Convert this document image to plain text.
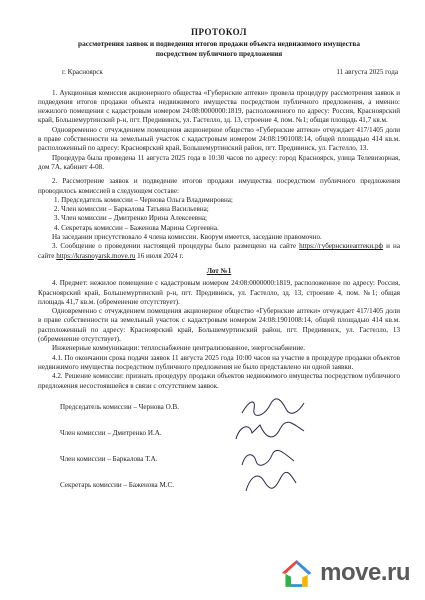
ПРОТОКОЛ
рассмотрения заявок и подведения итогов продажи объекта недвижимого имущества
посредством публичного предложения
г. Красноярск	11 августа 2025 года

1. Аукционная комиссия акционерного общества «Губернские аптеки» провела процедуру рассмотрения заявок и подведения итогов продажи объекта недвижимого имущества посредством публичного предложения, а именно: нежилого помещения с кадастровым номером 24:08:0000000:1819, расположенного по адресу: Россия, Красноярский край, Большемуртинский р-н, пгт. Предивинск, ул. Гастелло, зд. 13, строение 4, пом. №1; общая площадь 41,7 кв.м.

Одновременно с отчуждением помещения акционерное общество «Губернские аптеки» отчуждает 417/1405 доли в праве собственности на земельный участок с кадастровым номером 24:08:1901008:14, общей площадью 414 кв.м. расположенный по адресу: Красноярский край, Большемуртинский район, пгт. Предивинск, ул. Гастелло, 13.

Процедура была проведена 11 августа 2025 года в 10:30 часов по адресу: город Красноярск, улица Телевизорная, дом 7А, кабинет 4-08.

2. Рассмотрение заявок и подведение итогов продажи имущества посредством публичного предложения проводилось комиссией в следующем составе:

1. Председатель комиссии – Чернова Ольга Владимировна;

2. Член комиссии – Баркалова Татьяна Васильевна;

3. Член комиссии – Дмитренко Ирина Алексеевна;

4. Секретарь комиссии – Баженова Марина Сергеевна.

На заседании присутствовало 4 члена комиссии. Кворум имеется, заседание правомочно.

3. Сообщение о проведении настоящей процедуры было размещено на сайте https://губернскиеаптеки.рф и на сайте https://krasnoyarsk.move.ru 16 июля 2024 г.

Лот №1

4. Предмет: нежилое помещение с кадастровым номером 24:08:0000000:1819, расположенное по адресу: Россия, Красноярский край, Большемуртинский р-н, пгт. Предивинск, ул. Гастелло, зд. 13, строение 4, пом. №1; общая площадь 41,7 кв.м. (обременение отсутствует).

Одновременно с отчуждением помещения акционерное общество «Губернские аптеки» отчуждает 417/1405 доли в праве собственности на земельный участок с кадастровым номером 24:08:1901008:14, общей площадью 414 кв.м. расположенный по адресу: Красноярский край, Большемуртинский район, пгт. Предивинск, ул. Гастелло, 13 (обременение отсутствует).

Инженерные коммуникации: теплоснабжение централизованное, энергоснабжение.

4.1. По окончании срока подачи заявок 11 августа 2025 года 10:00 часов на участие в процедуре продажи объектов недвижимого имущества посредством публичного предложения не было представлено ни одной заявки.

4.2. Решение комиссии: признать процедуру продажи объектов недвижимого имущества посредством публичного предложения несостоявшейся в связи с отсутствием заявок.

Председатель комиссии – Чернова О.В.
Член комиссии – Дмитренко И.А.
Член комиссии – Баркалова Т.А.
Секретарь комиссии – Баженова М.С.
move.ru
